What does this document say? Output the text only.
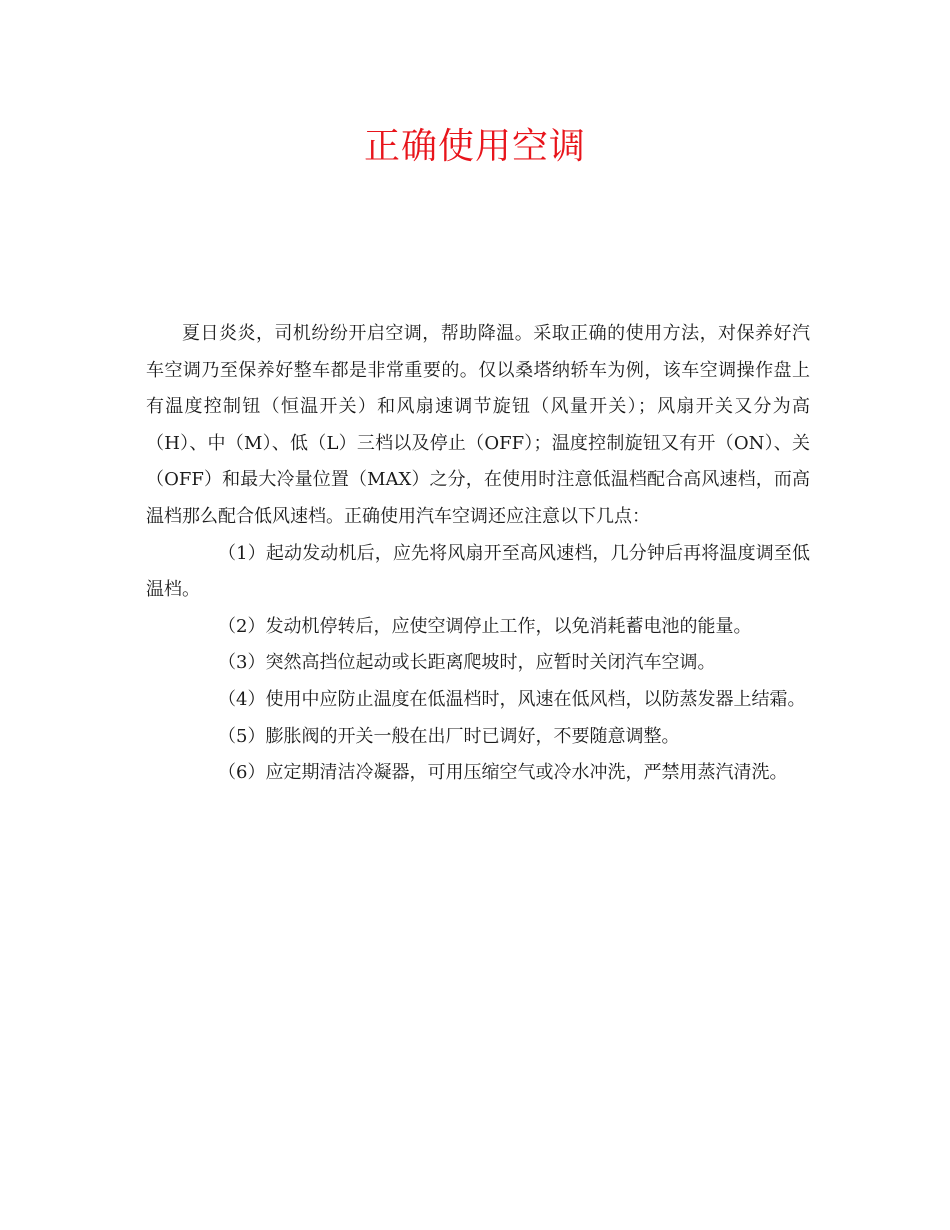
正确使用空调

夏日炎炎，司机纷纷开启空调，帮助降温。采取正确的使用方法，对保养好汽车空调乃至保养好整车都是非常重要的。仅以桑塔纳轿车为例，该车空调操作盘上有温度控制钮（恒温开关）和风扇速调节旋钮（风量开关）；风扇开关又分为高（H）、中（M）、低（L）三档以及停止（OFF）；温度控制旋钮又有开（ON）、关（OFF）和最大冷量位置（MAX）之分，在使用时注意低温档配合高风速档，而高温档那么配合低风速档。正确使用汽车空调还应注意以下几点：

（1）起动发动机后，应先将风扇开至高风速档，几分钟后再将温度调至低温档。

（2）发动机停转后，应使空调停止工作，以免消耗蓄电池的能量。

（3）突然高挡位起动或长距离爬坡时，应暂时关闭汽车空调。

（4）使用中应防止温度在低温档时，风速在低风档，以防蒸发器上结霜。

（5）膨胀阀的开关一般在出厂时已调好，不要随意调整。

（6）应定期清洁冷凝器，可用压缩空气或冷水冲洗，严禁用蒸汽清洗。
